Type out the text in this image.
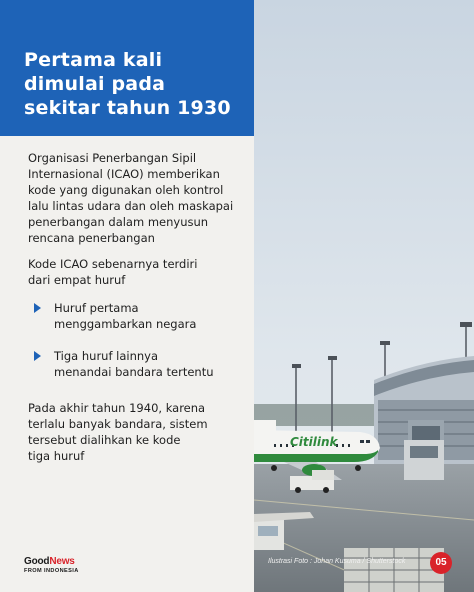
Pertama kali
dimulai pada
sekitar tahun 1930
Organisasi Penerbangan Sipil
Internasional (ICAO) memberikan
kode yang digunakan oleh kontrol
lalu lintas udara dan oleh maskapai
penerbangan dalam menyusun
rencana penerbangan
Kode ICAO sebenarnya terdiri
dari empat huruf
Huruf pertama
menggambarkan negara
Tiga huruf lainnya
menandai bandara tertentu
Pada akhir tahun 1940, karena
terlalu banyak bandara, sistem
tersebut dialihkan ke kode
tiga huruf
GoodNews
FROM INDONESIA
Citilink
Ilustrasi Foto : Johan Kusuma / Shutterstock	05
